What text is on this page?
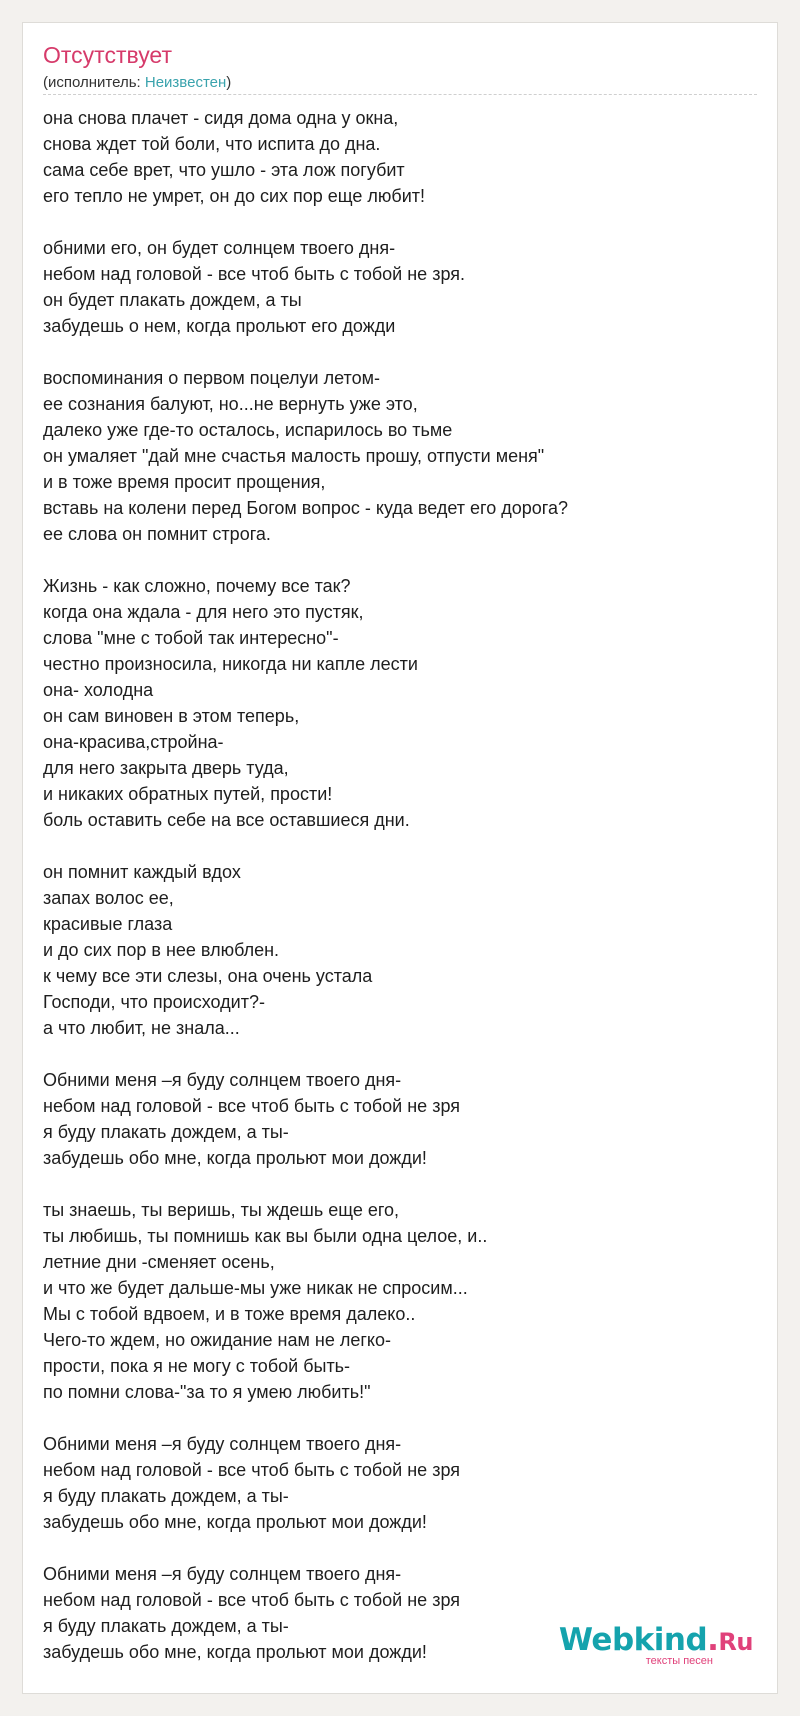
Отсутствует
(исполнитель: Неизвестен)
она снова плачет - сидя дома одна у окна,
снова ждет той боли, что испита до дна.
сама себе врет, что ушло - эта лож погубит
его тепло не умрет, он до сих пор еще любит!
обними его, он будет солнцем твоего дня-
небом над головой - все чтоб быть с тобой не зря.
он будет плакать дождем, а ты
забудешь о нем, когда прольют его дожди
воспоминания о первом поцелуи летом-
ее сознания балуют, но...не вернуть уже это,
далеко уже где-то осталось, испарилось во тьме
он умаляет "дай мне счастья малость прошу, отпусти меня"
и в тоже время просит прощения,
вставь на колени перед Богом вопрос - куда ведет его дорога?
ее слова он помнит строга.
Жизнь - как сложно, почему все так?
когда она ждала - для него это пустяк,
слова "мне с тобой так интересно"-
честно произносила, никогда ни капле лести
она- холодна
он сам виновен в этом теперь,
она-красива,стройна-
для него закрыта дверь туда,
и никаких обратных путей, прости!
боль оставить себе на все оставшиеся дни.
он помнит каждый вдох
запах волос ее,
красивые глаза
и до сих пор в нее влюблен.
к чему все эти слезы, она очень устала
Господи, что происходит?-
а что любит, не знала...
Обними меня –я буду солнцем твоего дня-
небом над головой - все чтоб быть с тобой не зря
я буду плакать дождем, а ты-
забудешь обо мне, когда прольют мои дожди!
ты знаешь, ты веришь, ты ждешь еще его,
ты любишь, ты помнишь как вы были одна целое, и..
летние дни -сменяет осень,
и что же будет дальше-мы уже никак не спросим...
Мы с тобой вдвоем, и в тоже время далеко..
Чего-то ждем, но ожидание нам не легко-
прости, пока я не могу с тобой быть-
по помни слова-"за то я умею любить!"
Обними меня –я буду солнцем твоего дня-
небом над головой - все чтоб быть с тобой не зря
я буду плакать дождем, а ты-
забудешь обо мне, когда прольют мои дожди!
Обними меня –я буду солнцем твоего дня-
небом над головой - все чтоб быть с тобой не зря
я буду плакать дождем, а ты-
забудешь обо мне, когда прольют мои дожди!	Webkind.Ru
тексты песен
